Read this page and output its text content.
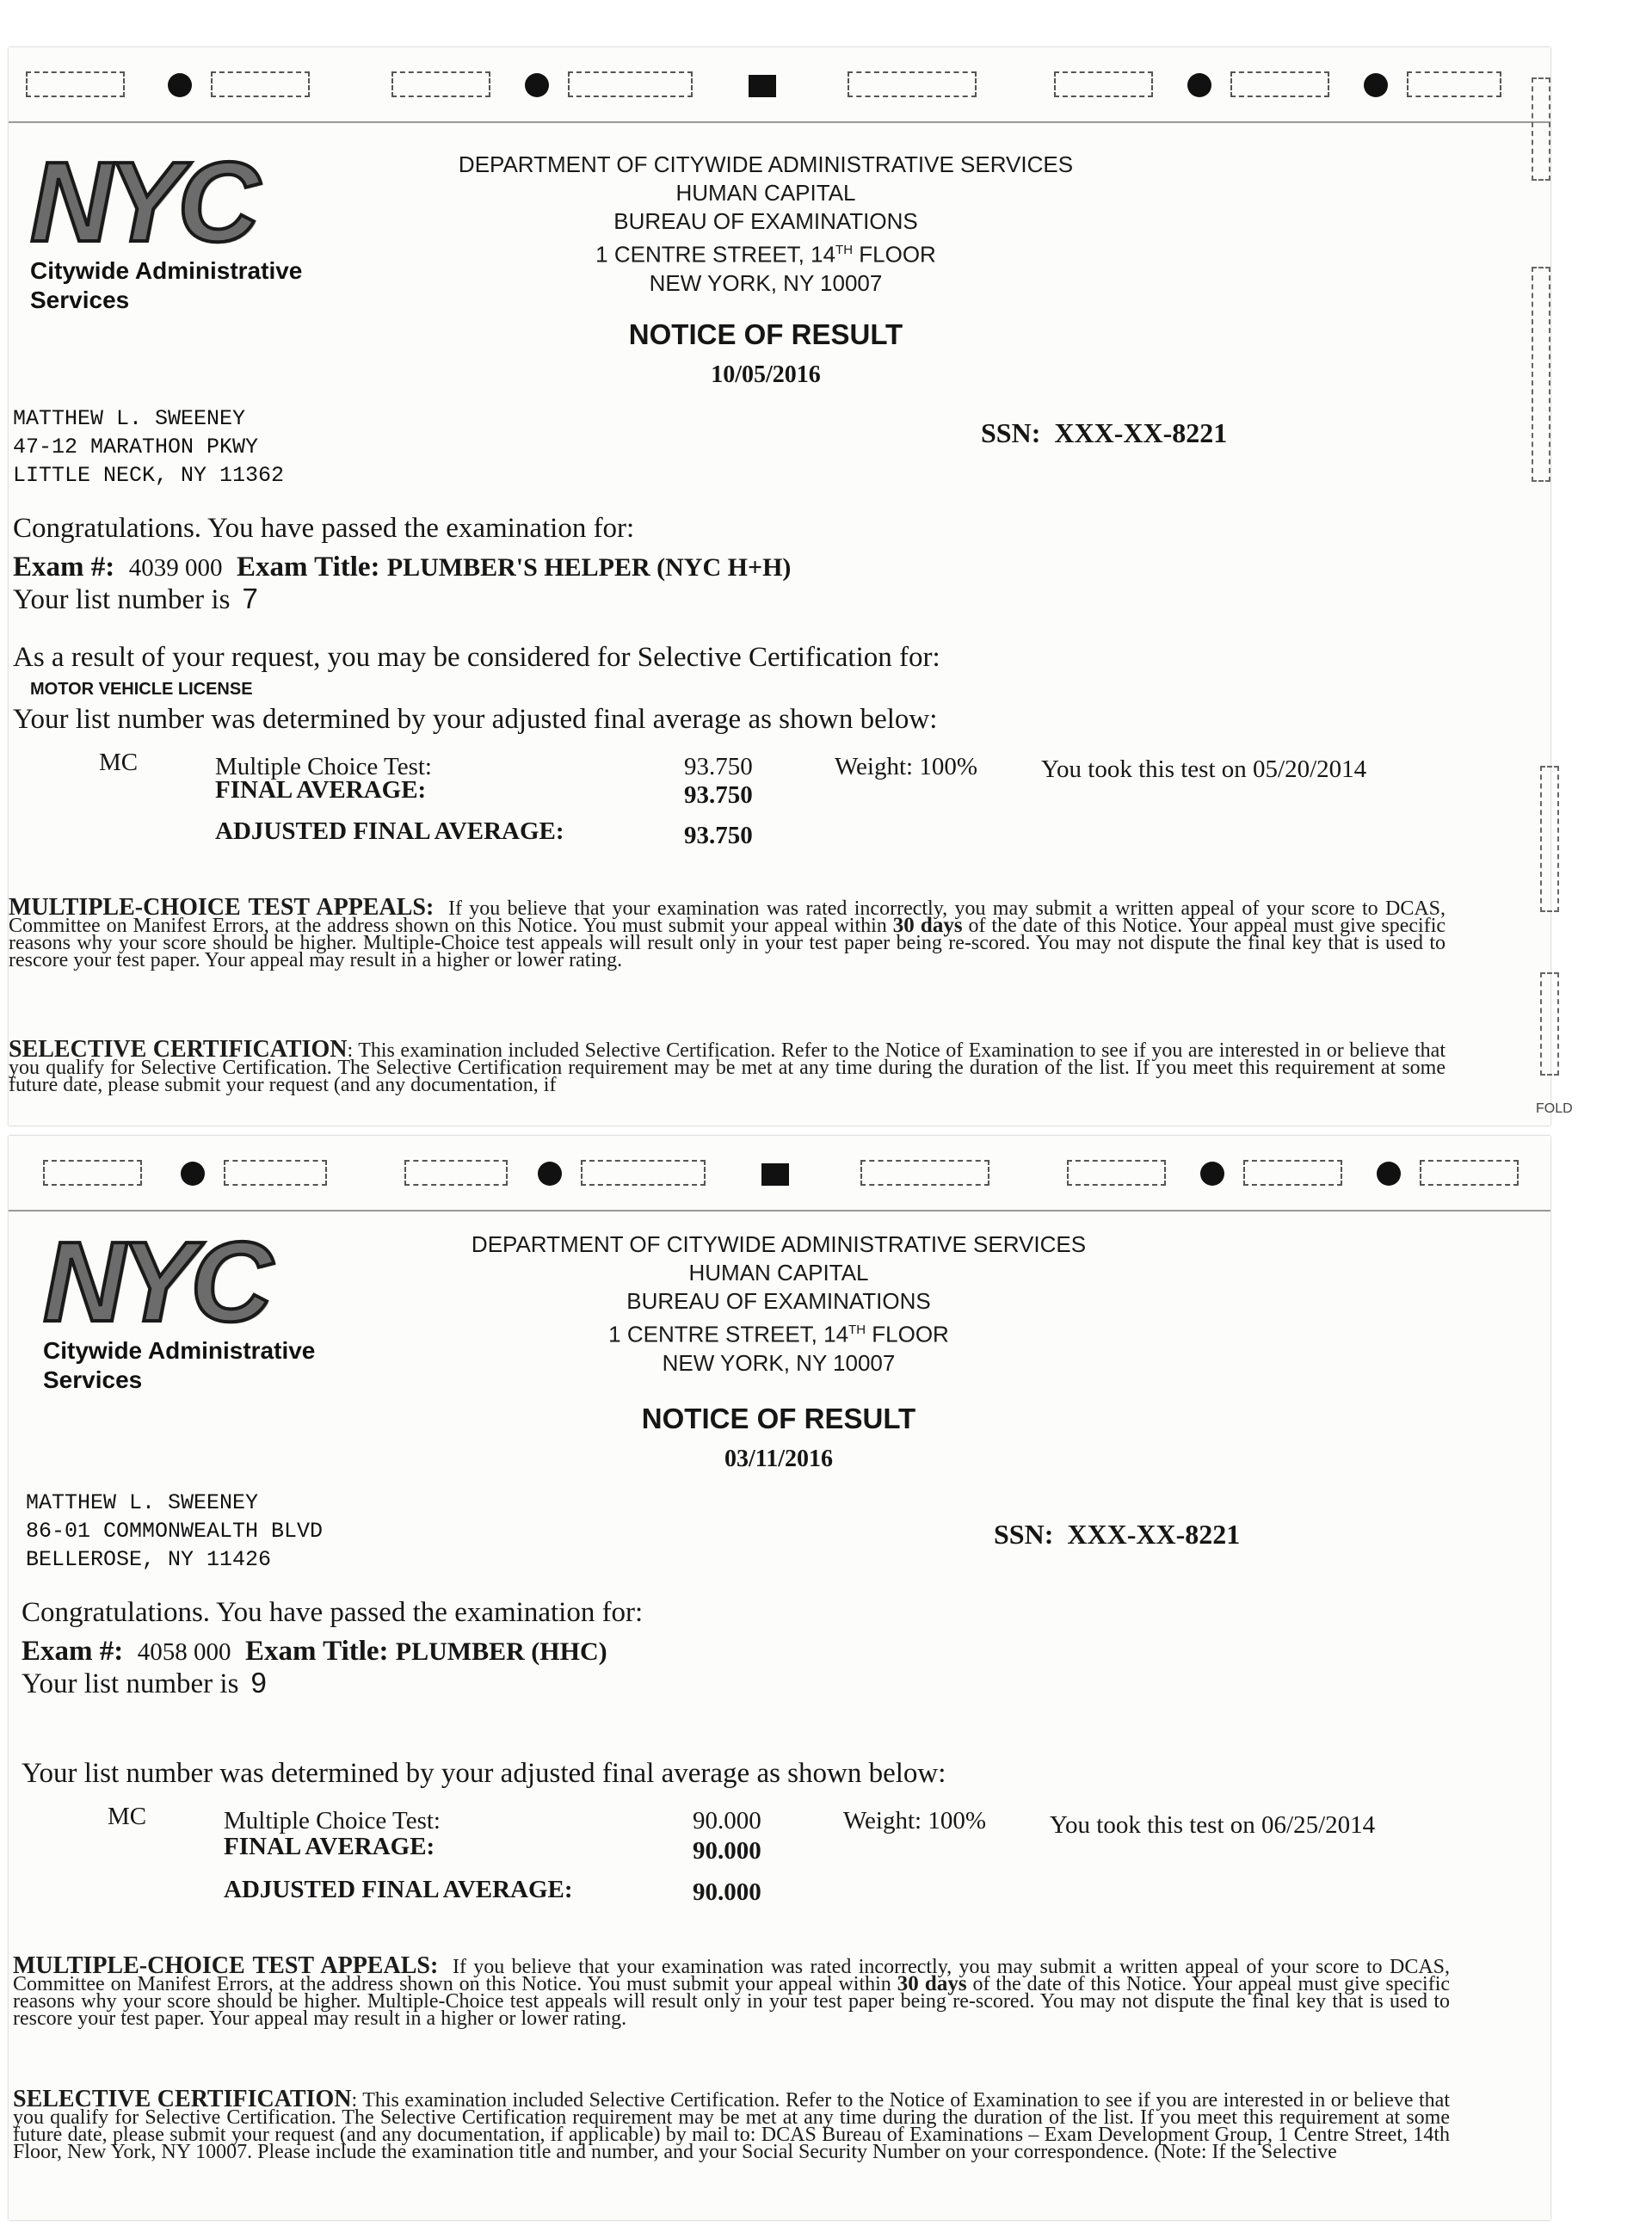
NYC
Citywide Administrative
Services
DEPARTMENT OF CITYWIDE ADMINISTRATIVE SERVICES
HUMAN CAPITAL
BUREAU OF EXAMINATIONS
1 CENTRE STREET, 14TH FLOOR
NEW YORK, NY 10007
NOTICE OF RESULT
10/05/2016
MATTHEW L. SWEENEY
47-12 MARATHON PKWY
LITTLE NECK, NY 11362
SSN: XXX-XX-8221
Congratulations. You have passed the examination for:
Exam #: 4039 000 Exam Title: PLUMBER'S HELPER (NYC H+H)
Your list number is 7
As a result of your request, you may be considered for Selective Certification for:
MOTOR VEHICLE LICENSE
Your list number was determined by your adjusted final average as shown below:
MC	Multiple Choice Test:	93.750	Weight: 100%	You took this test on 05/20/2014
FINAL AVERAGE:	93.750
ADJUSTED FINAL AVERAGE:	93.750
MULTIPLE-CHOICE TEST APPEALS: If you believe that your examination was rated incorrectly, you may submit a written appeal of your score to DCAS, Committee on Manifest Errors, at the address shown on this Notice. You must submit your appeal within 30 days of the date of this Notice. Your appeal must give specific reasons why your score should be higher. Multiple-Choice test appeals will result only in your test paper being re-scored. You may not dispute the final key that is used to rescore your test paper. Your appeal may result in a higher or lower rating.
SELECTIVE CERTIFICATION: This examination included Selective Certification. Refer to the Notice of Examination to see if you are interested in or believe that you qualify for Selective Certification. The Selective Certification requirement may be met at any time during the duration of the list. If you meet this requirement at some future date, please submit your request (and any documentation, if
FOLD
NYC
Citywide Administrative
Services
DEPARTMENT OF CITYWIDE ADMINISTRATIVE SERVICES
HUMAN CAPITAL
BUREAU OF EXAMINATIONS
1 CENTRE STREET, 14TH FLOOR
NEW YORK, NY 10007
NOTICE OF RESULT
03/11/2016
MATTHEW L. SWEENEY
86-01 COMMONWEALTH BLVD
BELLEROSE, NY 11426
SSN: XXX-XX-8221
Congratulations. You have passed the examination for:
Exam #: 4058 000 Exam Title: PLUMBER (HHC)
Your list number is 9
Your list number was determined by your adjusted final average as shown below:
MC	Multiple Choice Test:	90.000	Weight: 100%	You took this test on 06/25/2014
FINAL AVERAGE:	90.000
ADJUSTED FINAL AVERAGE:	90.000
MULTIPLE-CHOICE TEST APPEALS: If you believe that your examination was rated incorrectly, you may submit a written appeal of your score to DCAS, Committee on Manifest Errors, at the address shown on this Notice. You must submit your appeal within 30 days of the date of this Notice. Your appeal must give specific reasons why your score should be higher. Multiple-Choice test appeals will result only in your test paper being re-scored. You may not dispute the final key that is used to rescore your test paper. Your appeal may result in a higher or lower rating.
SELECTIVE CERTIFICATION: This examination included Selective Certification. Refer to the Notice of Examination to see if you are interested in or believe that you qualify for Selective Certification. The Selective Certification requirement may be met at any time during the duration of the list. If you meet this requirement at some future date, please submit your request (and any documentation, if applicable) by mail to: DCAS Bureau of Examinations – Exam Development Group, 1 Centre Street, 14th Floor, New York, NY 10007. Please include the examination title and number, and your Social Security Number on your correspondence. (Note: If the Selective
